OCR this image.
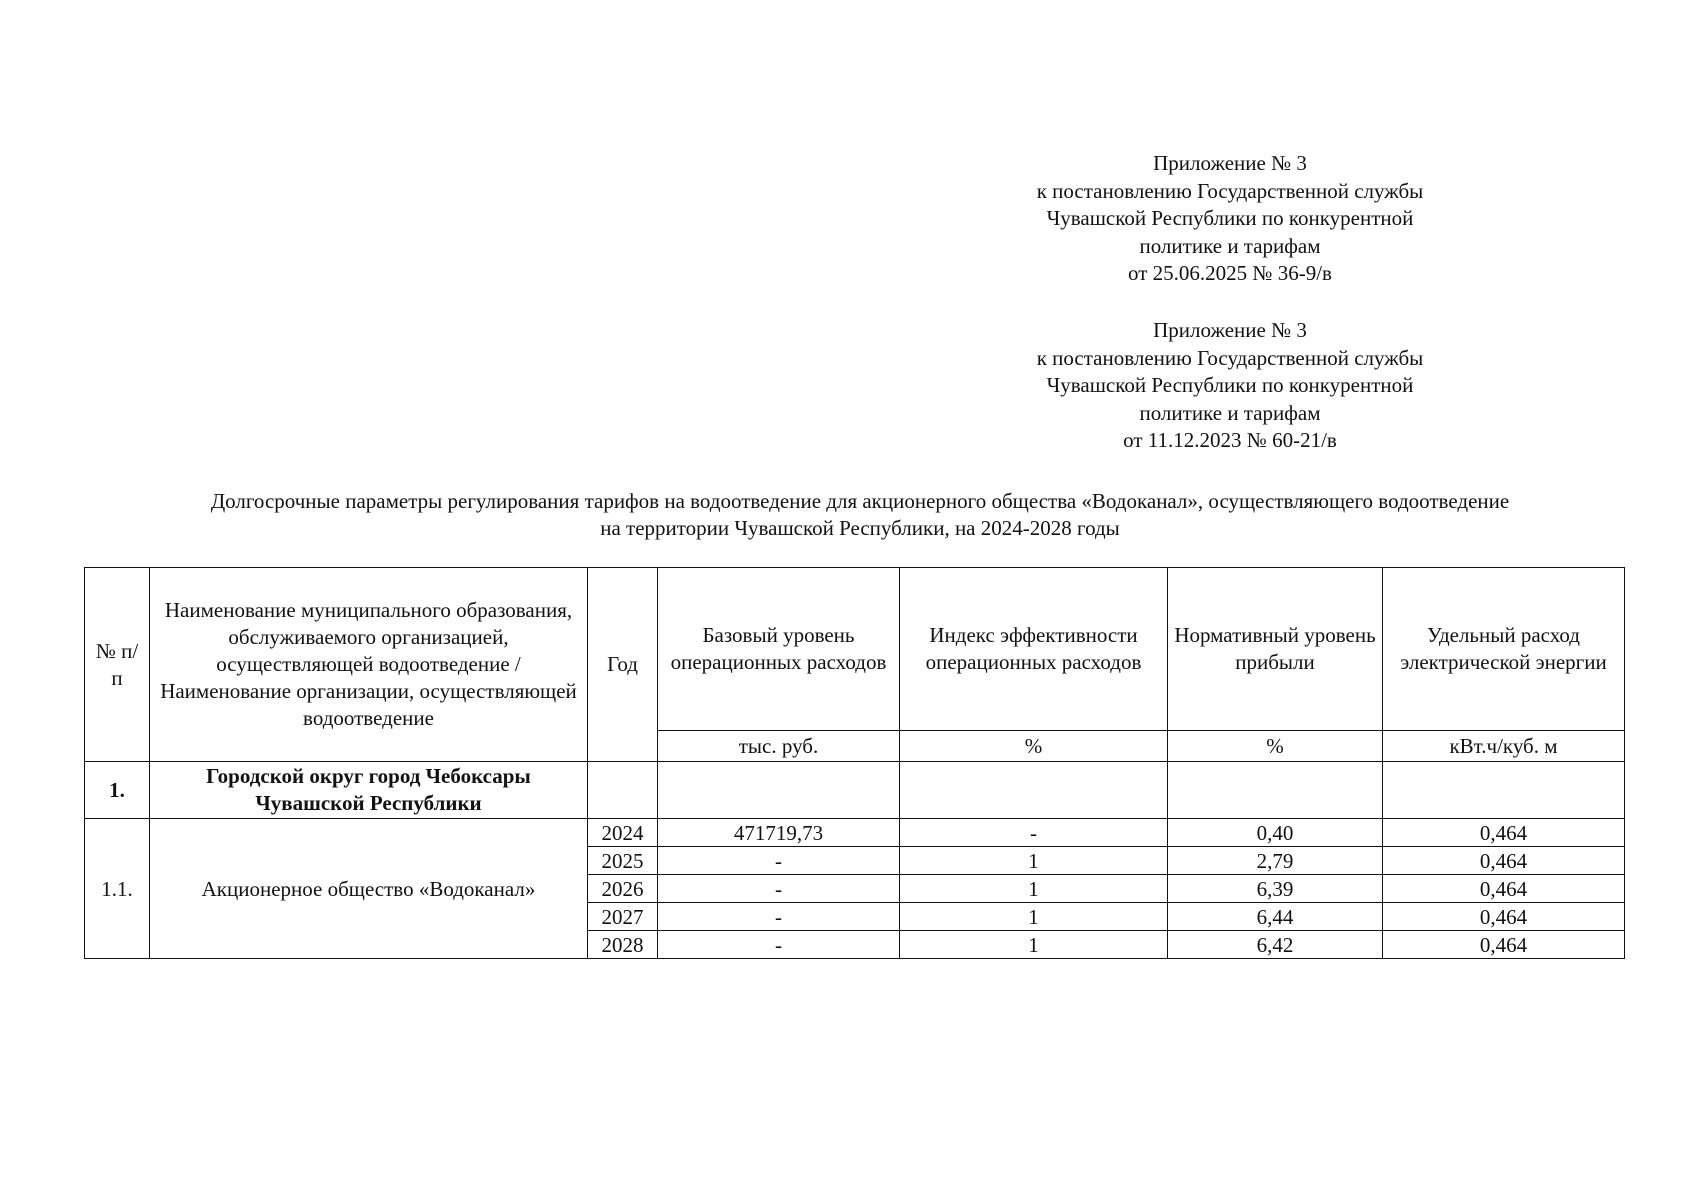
Приложение № 3
к постановлению Государственной службы
Чувашской Республики по конкурентной
политике и тарифам
от 25.06.2025 № 36-9/в
Приложение № 3
к постановлению Государственной службы
Чувашской Республики по конкурентной
политике и тарифам
от 11.12.2023 № 60-21/в
Долгосрочные параметры регулирования тарифов на водоотведение для акционерного общества «Водоканал», осуществляющего водоотведение
на территории Чувашской Республики, на 2024-2028 годы
№ п/п	Наименование муниципального образования, обслуживаемого организацией, осуществляющей водоотведение / Наименование организации, осуществляющей водоотведение	Год	Базовый уровень операционных расходов	Индекс эффективности операционных расходов	Нормативный уровень прибыли	Удельный расход электрической энергии
			тыс. руб.	%	%	кВт.ч/куб. м
1.	Городской округ город Чебоксары Чувашской Республики					
1.1.	Акционерное общество «Водоканал»	2024	471719,73	-	0,40	0,464
		2025	-	1	2,79	0,464
		2026	-	1	6,39	0,464
		2027	-	1	6,44	0,464
		2028	-	1	6,42	0,464
